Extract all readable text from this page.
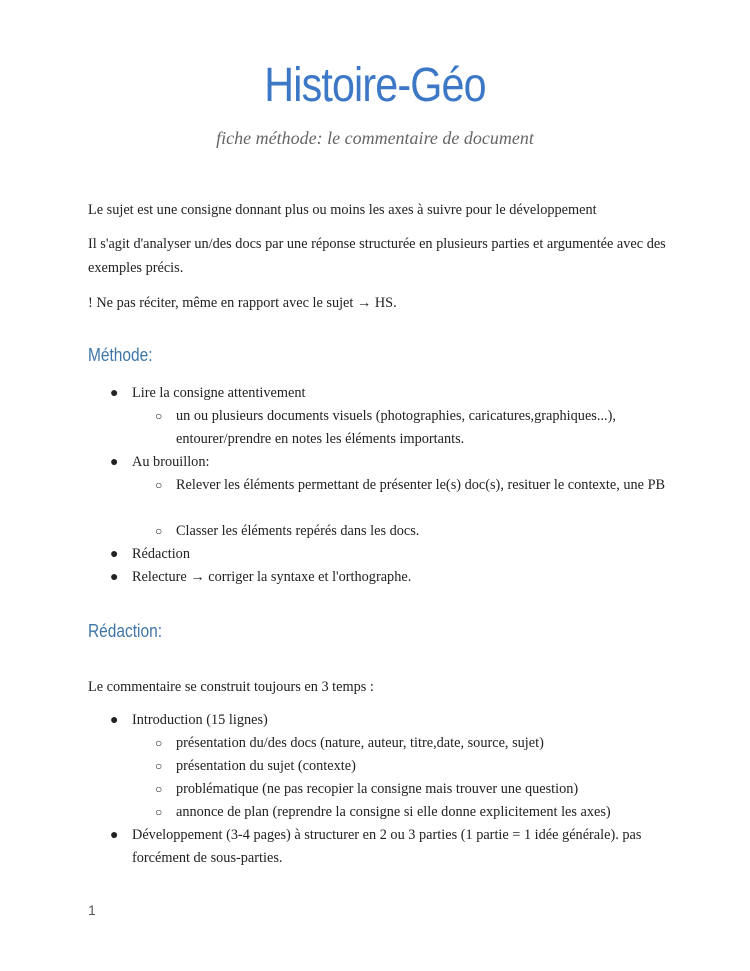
Histoire-Géo
fiche méthode: le commentaire de document

Le sujet est une consigne donnant plus ou moins les axes à suivre pour le développement

Il s'agit d'analyser un/des docs par une réponse structurée en plusieurs parties et argumentée avec des exemples précis.

! Ne pas réciter, même en rapport avec le sujet → HS.

Méthode:
● Lire la consigne attentivement
○ un ou plusieurs documents visuels (photographies, caricatures,graphiques...), entourer/prendre en notes les éléments importants.
● Au brouillon:
○ Relever les éléments permettant de présenter le(s) doc(s), resituer le contexte, une PB
○ Classer les éléments repérés dans les docs.
● Rédaction
● Relecture → corriger la syntaxe et l'orthographe.
Rédaction:

Le commentaire se construit toujours en 3 temps :

● Introduction (15 lignes)
○ présentation du/des docs (nature, auteur, titre,date, source, sujet)
○ présentation du sujet (contexte)
○ problématique (ne pas recopier la consigne mais trouver une question)
○ annonce de plan (reprendre la consigne si elle donne explicitement les axes)
● Développement (3-4 pages) à structurer en 2 ou 3 parties (1 partie = 1 idée générale). pas forcément de sous-parties.
1
